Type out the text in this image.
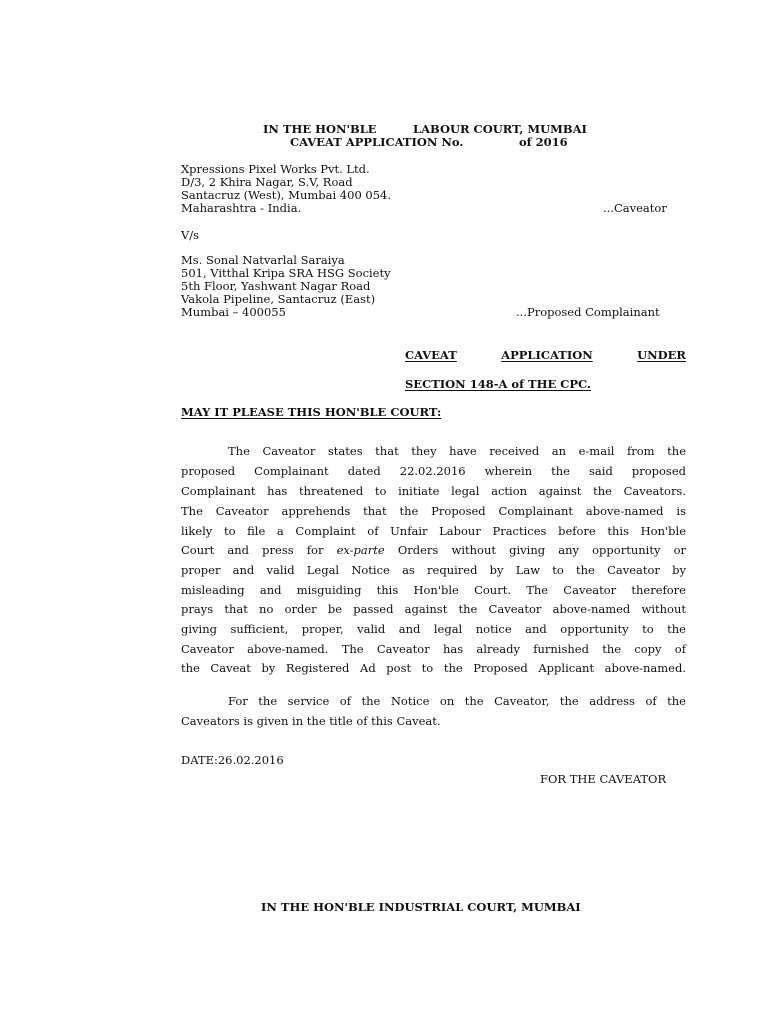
IN THE HON'BLE	LABOUR COURT, MUMBAI
CAVEAT APPLICATION No.	of 2016
Xpressions Pixel Works Pvt. Ltd.
D/3, 2 Khira Nagar, S.V, Road
Santacruz (West), Mumbai 400 054.
Maharashtra - India.	...Caveator
V/s
Ms. Sonal Natvarlal Saraiya
501, Vitthal Kripa SRA HSG Society
5th Floor, Yashwant Nagar Road
Vakola Pipeline, Santacruz (East)
Mumbai – 400055	...Proposed Complainant
CAVEAT	APPLICATION	UNDER
SECTION 148-A of THE CPC.
MAY IT PLEASE THIS HON'BLE COURT:
The Caveator states that they have received an e-mail from the
proposed Complainant dated 22.02.2016 wherein the said proposed
Complainant has threatened to initiate legal action against the Caveators.
The Caveator apprehends that the Proposed Complainant above-named is
likely to file a Complaint of Unfair Labour Practices before this Hon'ble
Court and press for ex-parte Orders without giving any opportunity or
proper and valid Legal Notice as required by Law to the Caveator by
misleading and misguiding this Hon'ble Court. The Caveator therefore
prays that no order be passed against the Caveator above-named without
giving sufficient, proper, valid and legal notice and opportunity to the
Caveator above-named. The Caveator has already furnished the copy of
the Caveat by Registered Ad post to the Proposed Applicant above-named.
For the service of the Notice on the Caveator, the address of the
Caveators is given in the title of this Caveat.
DATE:26.02.2016
FOR THE CAVEATOR
IN THE HON'BLE INDUSTRIAL COURT, MUMBAI
